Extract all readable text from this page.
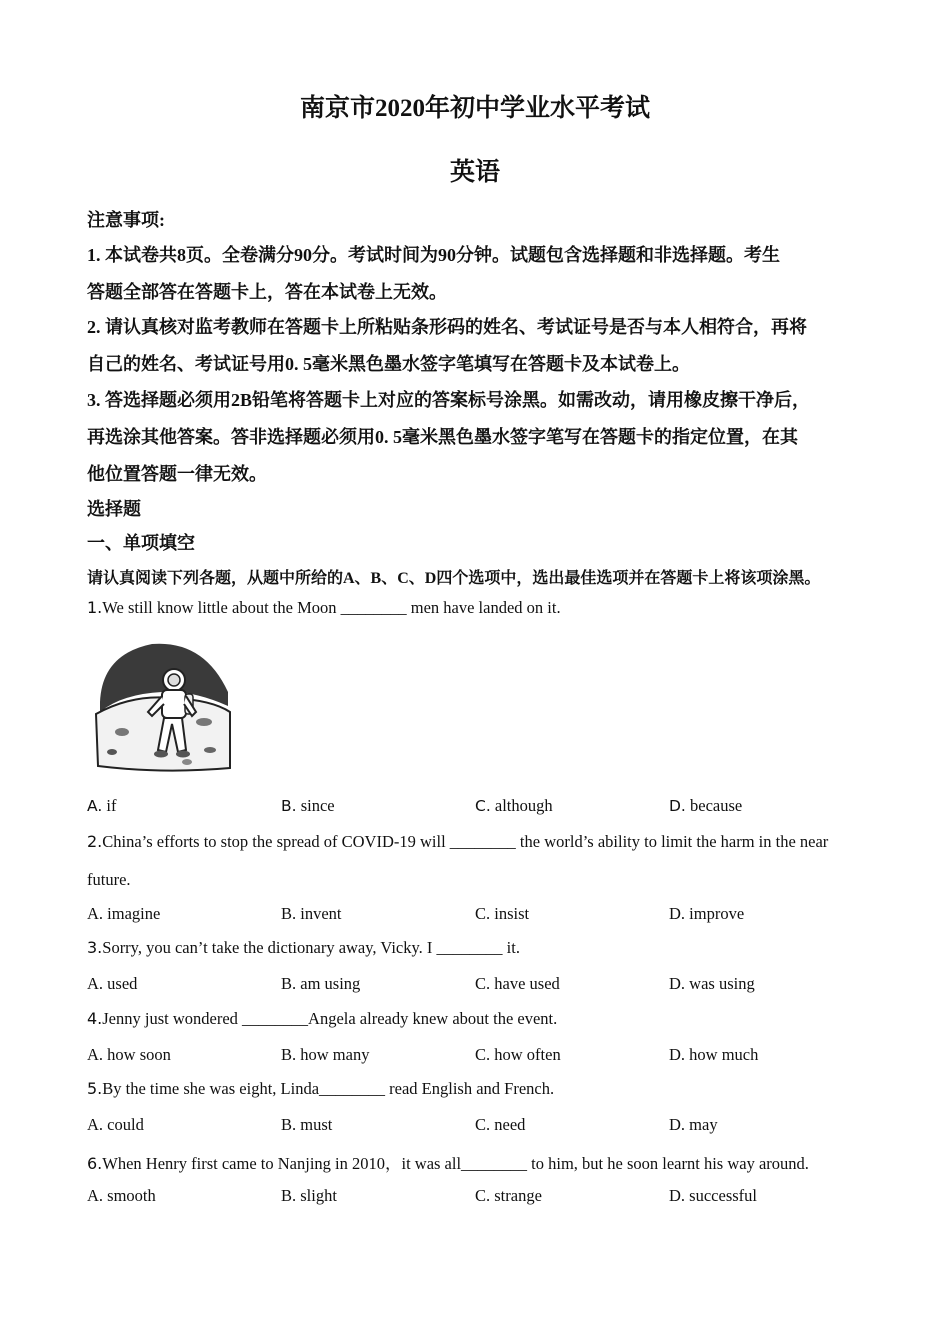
南京市2020年初中学业水平考试
英语
注意事项:
1. 本试卷共8页。全卷满分90分。考试时间为90分钟。试题包含选择题和非选择题。考生
答题全部答在答题卡上，答在本试卷上无效。
2. 请认真核对监考教师在答题卡上所粘贴条形码的姓名、考试证号是否与本人相符合，再将
自己的姓名、考试证号用0. 5毫米黑色墨水签字笔填写在答题卡及本试卷上。
3. 答选择题必须用2B铅笔将答题卡上对应的答案标号涂黑。如需改动，请用橡皮擦干净后，
再选涂其他答案。答非选择题必须用0. 5毫米黑色墨水签字笔写在答题卡的指定位置，在其
他位置答题一律无效。
选择题
一、单项填空
请认真阅读下列各题，从题中所给的A、B、C、D四个选项中，选出最佳选项并在答题卡上将该项涂黑。
1.We still know little about the Moon ________ men have landed on it.
A. if	B. since	C. although	D. because
2.China’s efforts to stop the spread of COVID-19 will ________ the world’s ability to limit the harm in the near
future.
A. imagine	B. invent	C. insist	D. improve
3.Sorry, you can’t take the dictionary away, Vicky. I ________ it.
A. used	B. am using	C. have used	D. was using
4.Jenny just wondered ________Angela already knew about the event.
A. how soon	B. how many	C. how often	D. how much
5.By the time she was eight, Linda________ read English and French.
A. could	B. must	C. need	D. may
6.When Henry first came to Nanjing in 2010，it was all________ to him, but he soon learnt his way around.
A. smooth	B. slight	C. strange	D. successful
